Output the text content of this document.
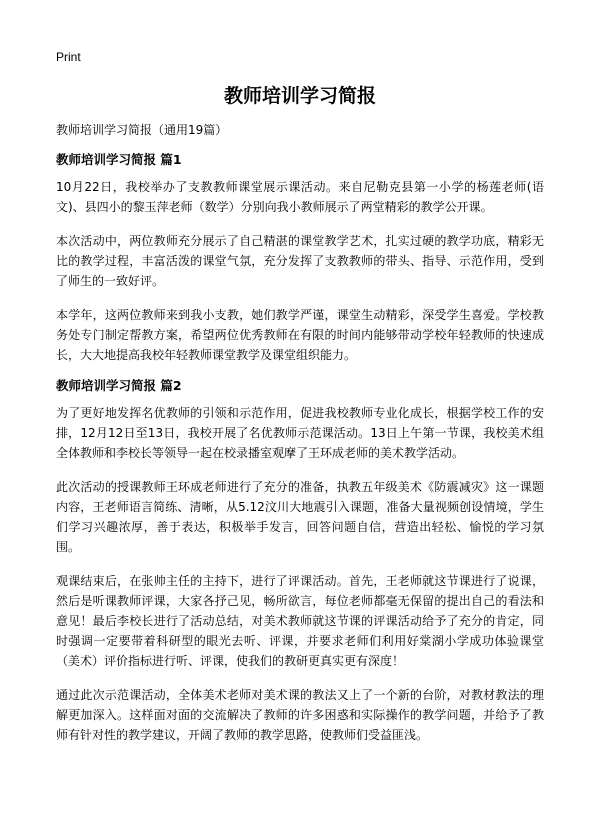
Print
教师培训学习简报
教师培训学习简报（通用19篇）
教师培训学习简报 篇1

10月22日，我校举办了支教教师课堂展示课活动。来自尼勒克县第一小学的杨莲老师(语文)、县四小的黎玉萍老师（数学）分别向我小教师展示了两堂精彩的教学公开课。

本次活动中，两位教师充分展示了自己精湛的课堂教学艺术，扎实过硬的教学功底，精彩无比的教学过程，丰富活泼的课堂气氛，充分发挥了支教教师的带头、指导、示范作用，受到了师生的一致好评。

本学年，这两位教师来到我小支教，她们教学严谨，课堂生动精彩，深受学生喜爱。学校教务处专门制定帮教方案，希望两位优秀教师在有限的时间内能够带动学校年轻教师的快速成长，大大地提高我校年轻教师课堂教学及课堂组织能力。

教师培训学习简报 篇2

为了更好地发挥名优教师的引领和示范作用，促进我校教师专业化成长，根据学校工作的安排，12月12日至13日，我校开展了名优教师示范课活动。13日上午第一节课，我校美术组全体教师和李校长等领导一起在校录播室观摩了王环成老师的美术教学活动。

此次活动的授课教师王环成老师进行了充分的准备，执教五年级美术《防震减灾》这一课题内容，王老师语言简练、清晰，从5.12汶川大地震引入课题，准备大量视频创设情境，学生们学习兴趣浓厚，善于表达，积极举手发言，回答问题自信，营造出轻松、愉悦的学习氛围。

观课结束后，在张帅主任的主持下，进行了评课活动。首先，王老师就这节课进行了说课，然后是听课教师评课，大家各抒己见，畅所欲言，每位老师都毫无保留的提出自己的看法和意见！最后李校长进行了活动总结，对美术教师就这节课的评课活动给予了充分的肯定，同时强调一定要带着科研型的眼光去听、评课，并要求老师们利用好棠湖小学成功体验课堂（美术）评价指标进行听、评课，使我们的教研更真实更有深度！

通过此次示范课活动，全体美术老师对美术课的教法又上了一个新的台阶，对教材教法的理解更加深入。这样面对面的交流解决了教师的许多困惑和实际操作的教学问题，并给予了教师有针对性的教学建议，开阔了教师的教学思路，使教师们受益匪浅。
